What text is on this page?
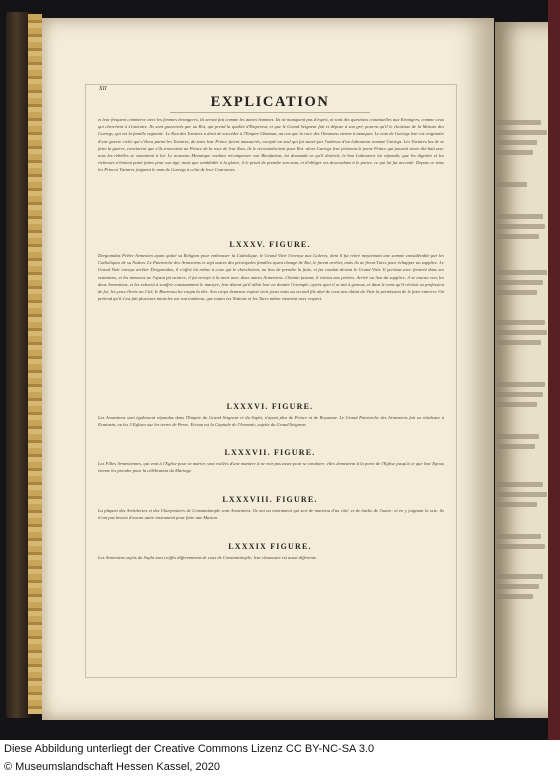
XII
EXPLICATION
et leur frequent commerce avec les femmes étrangeres, ils seront fait comme les autres hommes. Ils ne manquent pas d'esprit, ni sont des questions continuelles aux Etrangers, comme ceux qui cherchent à s'instruire. Ils sont gouvernés par un Roi, qui prend la qualité d'Empereur, et que le Grand Seigneur fait et dépose à son gré, pourvu qu'il le choisisse de la Maison des Guriegs, qui est la famille regnante. Le Kan des Tartares a droit de succéder à l'Empire Ottoman, au cas que la race des Ottomans vienne à manquer. Le nom de Guriegs leur est originaire d'une guerre civile qui s'éleva parmi les Tartares, du tems leur Prince furent massacrés, excepté un seul qui fut sauvé par l'adresse d'un Laboureur nommé Guriegs. Les Tartares las de se faire la guerre, convinrent que s'ils trouvoient un Prince de la race de leur Kan, ils le reconnoîtroient pour Roi: alors Guriegs leur présenta le jeune Prince qui pouvoit avoir dix-huit ans: tous les rebelles se soumirent à lui. Le nouveau Monarque voulant récompenser son Bienfaiteur, lui demanda ce qu'il desiroit; le bon Laboureur lui répondit, que les dignités et les richesses n'étoient point faites pour son âge, mais que semblable à la gloire, il le priait de prendre son nom, et d'obliger ses descendans à le porter, ce qui lui fut accordé. Depuis ce tems les Princes Tartares joignent le nom de Guriegs à celui de leur Couronnes.
LXXXV. FIGURE.
Dergomidas Prêtre Armenien ayant quitté sa Religion pour embrasser la Catholique, le Grand Vizir l'envoya aux Galeres, dont il fut retiré moyennant une somme considérable par les Catholiques de sa Nation. Le Patriarche des Armeniens et sept autres des principales familles ayant changé de Roi, le furent arrêter, mais ils ne firent Turcs pour échapper au supplice. Le Grand Vizir envoya arrêter Dergomidas, il s'offrit lui même à ceux qui le cherchoient, au lieu de prendre la fuite, et fut conduit devant le Grand Vizir. Il persista avec fermeté dans ses sentimens, et les menaces ne l'ayant pû vaincre, il fut envoyé à la mort avec deux autres Armeniens. Chemin faisant, il résista aux prières. Arrivé au lieu du supplice, il se tourna vers les deux Armeniens, et les exhorta à souffrir constamment le martyre, leur disant qu'il alloit leur en donner l'exemple; après quoi il se mit à genoux, et dans le tems qu'il récitoit sa profession de foi, les yeux élevés au Ciel, le Bourreau lui coupa la tête. Son corps demeura exposé trois jours mais au second fils aîné de ceux ans obtint du Vizir la permission de le faire enterrer. On prétend qu'il s'est fait plusieurs miracles sur son tombeau, que toutes les Nations et les Turcs même viennent avec respect.
LXXXVI. FIGURE.
Les Armeniens sont également répandus dans l'Empire du Grand Seigneur et du Sophi, n'ayant plus de Prince ni de Royaume. Le Grand Patriarche des Armeniens fait sa résidence à Ecmiazin, ou les 3 Eglises sur les terres de Perse. Erivan est la Capitale de l'Armenie, sujette du Grand Seigneur.
LXXXVII. FIGURE.
Les Filles Armeniennes, qui vont à l'Eglise pour se marier, sont voilées d'une maniere à ne voir pas assez pour se conduire: elles demeurent à la porte de l'Eglise jusqu'à ce que leur Epoux vienne les prendre pour la célébration du Mariage.
LXXXVIII. FIGURE.
La plupart des Architectes et des Charpentiers de Constantinople sont Armeniens. Ils ont un instrument qui sert de marteau d'un côté, et de hache de l'autre; et en y joignant la scie, ils n'ont pas besoin d'aucun autre instrument pour faire une Maison.
LXXXIX FIGURE.
Les Armeniens sujets du Sophi sont coiffés differemment de ceux de Constantinople; leur chaussure est aussi differente.
Diese Abbildung unterliegt der Creative Commons Lizenz CC BY-NC-SA 3.0
© Museumslandschaft Hessen Kassel, 2020
